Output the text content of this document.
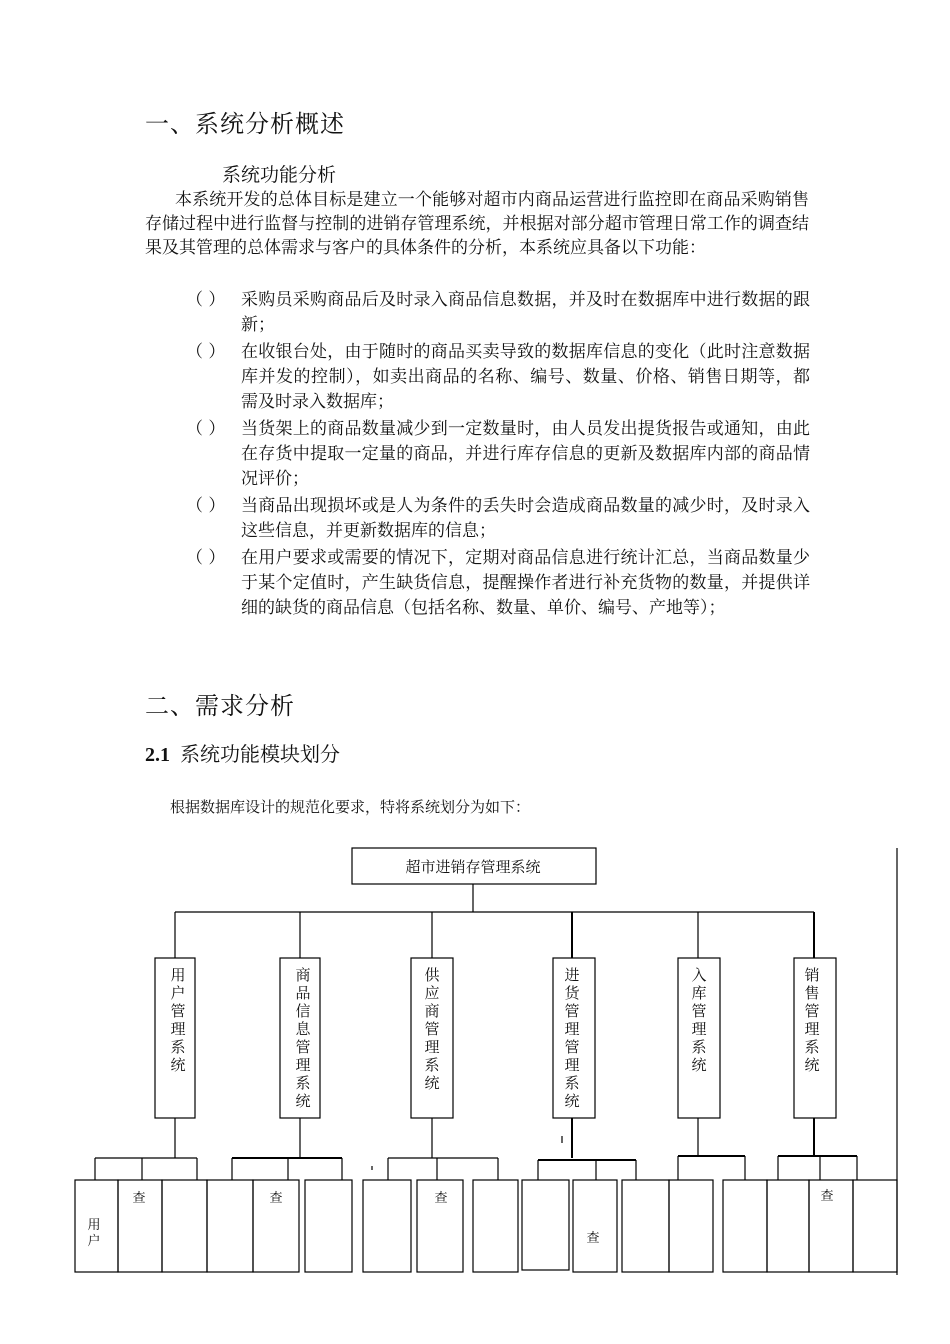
一、系统分析概述
系统功能分析

本系统开发的总体目标是建立一个能够对超市内商品运营进行监控即在商品采购销售存储过程中进行监督与控制的进销存管理系统，并根据对部分超市管理日常工作的调查结果及其管理的总体需求与客户的具体条件的分析，本系统应具备以下功能：

（ ） 采购员采购商品后及时录入商品信息数据，并及时在数据库中进行数据的跟新；
（ ） 在收银台处，由于随时的商品买卖导致的数据库信息的变化（此时注意数据库并发的控制），如卖出商品的名称、编号、数量、价格、销售日期等，都需及时录入数据库；
（ ） 当货架上的商品数量减少到一定数量时，由人员发出提货报告或通知，由此在存货中提取一定量的商品，并进行库存信息的更新及数据库内部的商品情况评价；
（ ） 当商品出现损坏或是人为条件的丢失时会造成商品数量的减少时，及时录入这些信息，并更新数据库的信息；
（ ） 在用户要求或需要的情况下，定期对商品信息进行统计汇总，当商品数量少于某个定值时，产生缺货信息，提醒操作者进行补充货物的数量，并提供详细的缺货的商品信息（包括名称、数量、单价、编号、产地等）；
二、需求分析
2.1 系统功能模块划分
根据数据库设计的规范化要求，特将系统划分为如下：
超市进销存管理系统
用户管理系统
商品信息管理系统
供应商管理系统
进货管理管理系统
入库管理系统
销售管理系统
用户
查	查	查
查
查
